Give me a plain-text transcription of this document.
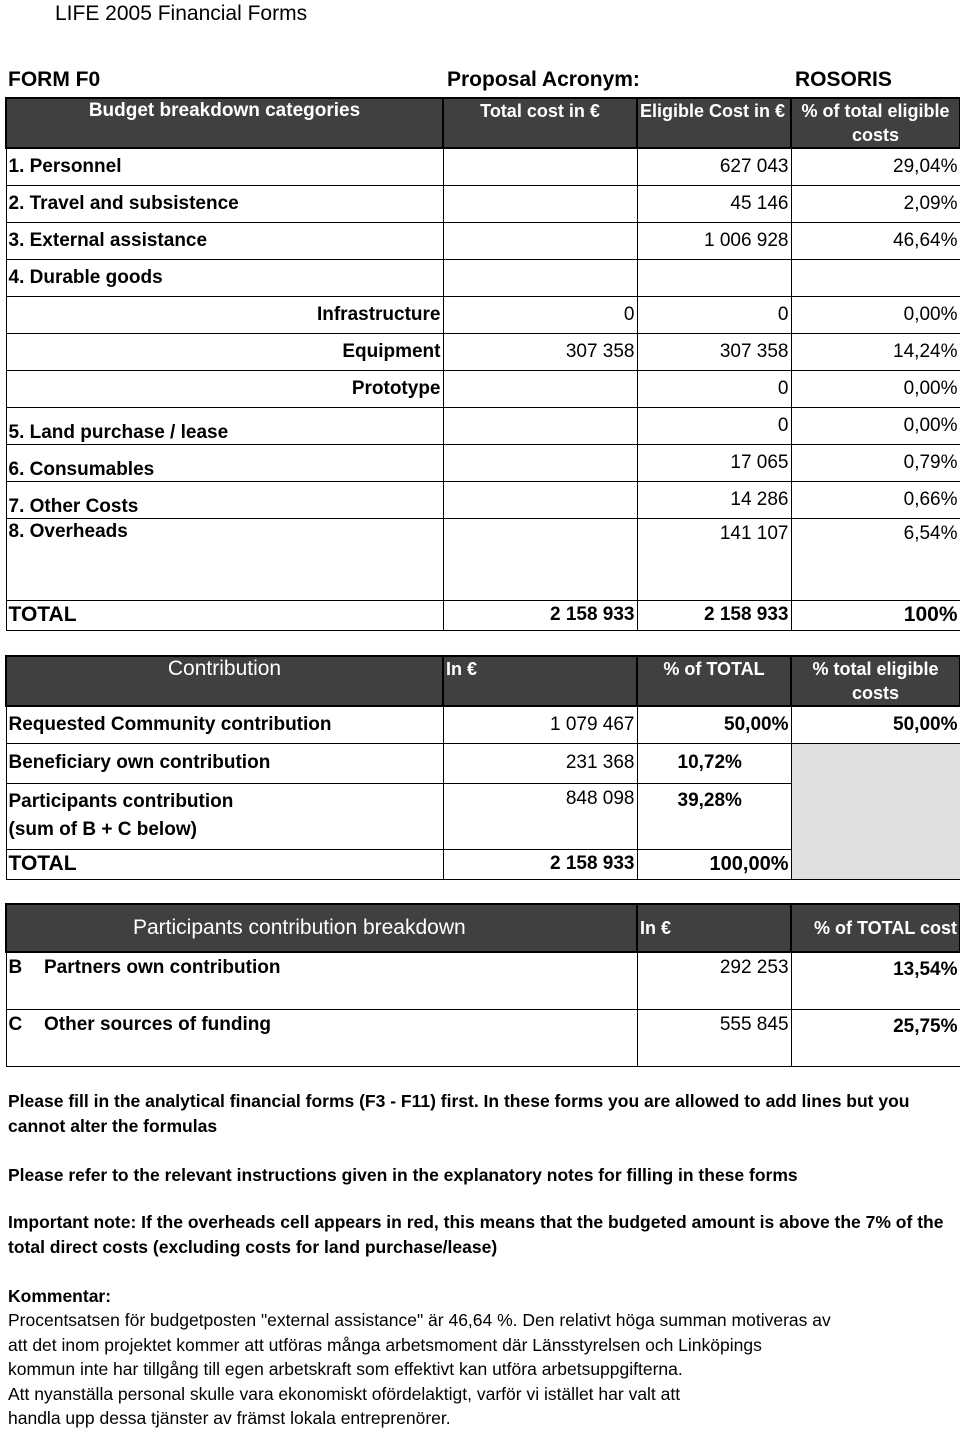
LIFE 2005 Financial Forms
FORM F0	Proposal Acronym:	ROSORIS
Budget breakdown categories	Total cost in €	Eligible Cost in €	% of total eligible costs
1. Personnel		627 043	29,04%
2. Travel and subsistence		45 146	2,09%
3. External assistance		1 006 928	46,64%
4. Durable goods			
Infrastructure	0	0	0,00%
Equipment	307 358	307 358	14,24%
Prototype		0	0,00%
5. Land purchase / lease		0	0,00%
6. Consumables		17 065	0,79%
7. Other Costs		14 286	0,66%
8. Overheads		141 107	6,54%
TOTAL	2 158 933	2 158 933	100%
Contribution	In €	% of TOTAL	% total eligible costs
Requested Community contribution	1 079 467	50,00%	50,00%
Beneficiary own contribution	231 368	10,72%	
Participants contribution
(sum of B + C below)	848 098	39,28%	
TOTAL	2 158 933	100,00%	
Participants contribution breakdown		In €	% of TOTAL cost
B	Partners own contribution	292 253	13,54%
C	Other sources of funding	555 845	25,75%
Please fill in the analytical financial forms (F3 - F11) first. In these forms you are allowed to add lines but you cannot alter the formulas
Please refer to the relevant instructions given in the explanatory notes for filling in these forms
Important note: If the overheads cell appears in red, this means that the budgeted amount is above the 7% of the total direct costs (excluding costs for land purchase/lease)
Kommentar:
Procentsatsen för budgetposten "external assistance" är 46,64 %. Den relativt höga summan motiveras av
att det inom projektet kommer att utföras många arbetsmoment där Länsstyrelsen och Linköpings
kommun inte har tillgång till egen arbetskraft som effektivt kan utföra arbetsuppgifterna.
Att nyanställa personal skulle vara ekonomiskt ofördelaktigt, varför vi istället har valt att
handla upp dessa tjänster av främst lokala entreprenörer.
